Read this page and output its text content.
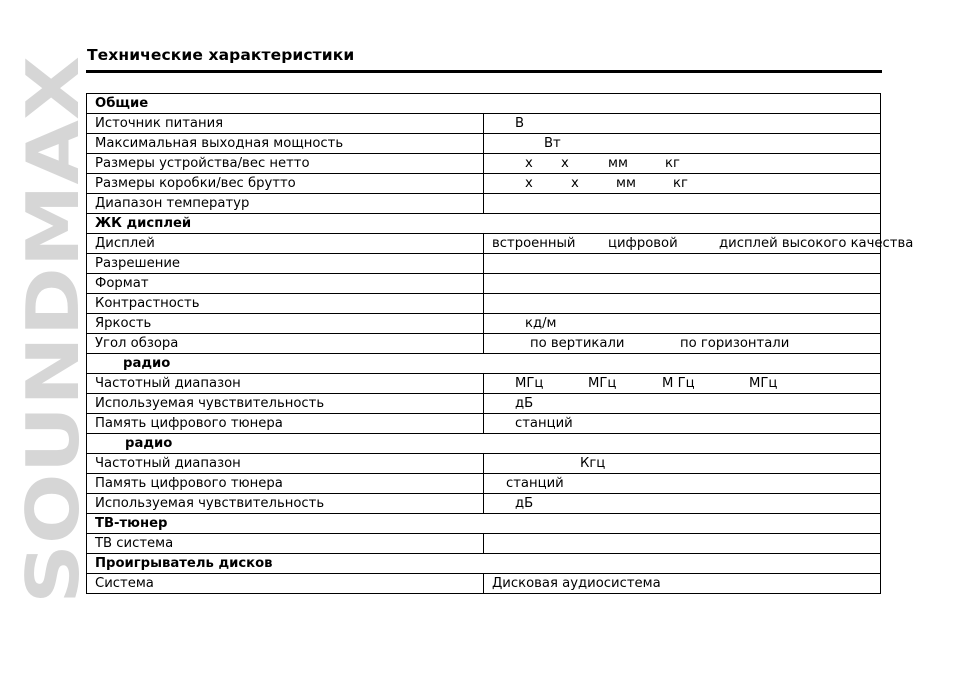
SOUNDMAX
Технические характеристики
Общие	
Источник питания	В

Максимальная выходная мощность	Вт

Размеры устройства/вес нетто	x x мм кг

Размеры коробки/вес брутто	x x мм кг

Диапазон температур	

ЖК дисплей	
Дисплей	встроенный цифровой дисплей высокого качества

Разрешение	

Формат	

Контрастность	

Яркость	кд/м

Угол обзора	по вертикали по горизонтали

радио	
Частотный диапазон	МГц МГц М Гц МГц

Используемая чувствительность	дБ

Память цифрового тюнера	станций

радио	
Частотный диапазон	Кгц

Память цифрового тюнера	станций

Используемая чувствительность	дБ

ТВ-тюнер	
ТВ система	

Проигрыватель дисков	
Система	Дисковая аудиосистема
